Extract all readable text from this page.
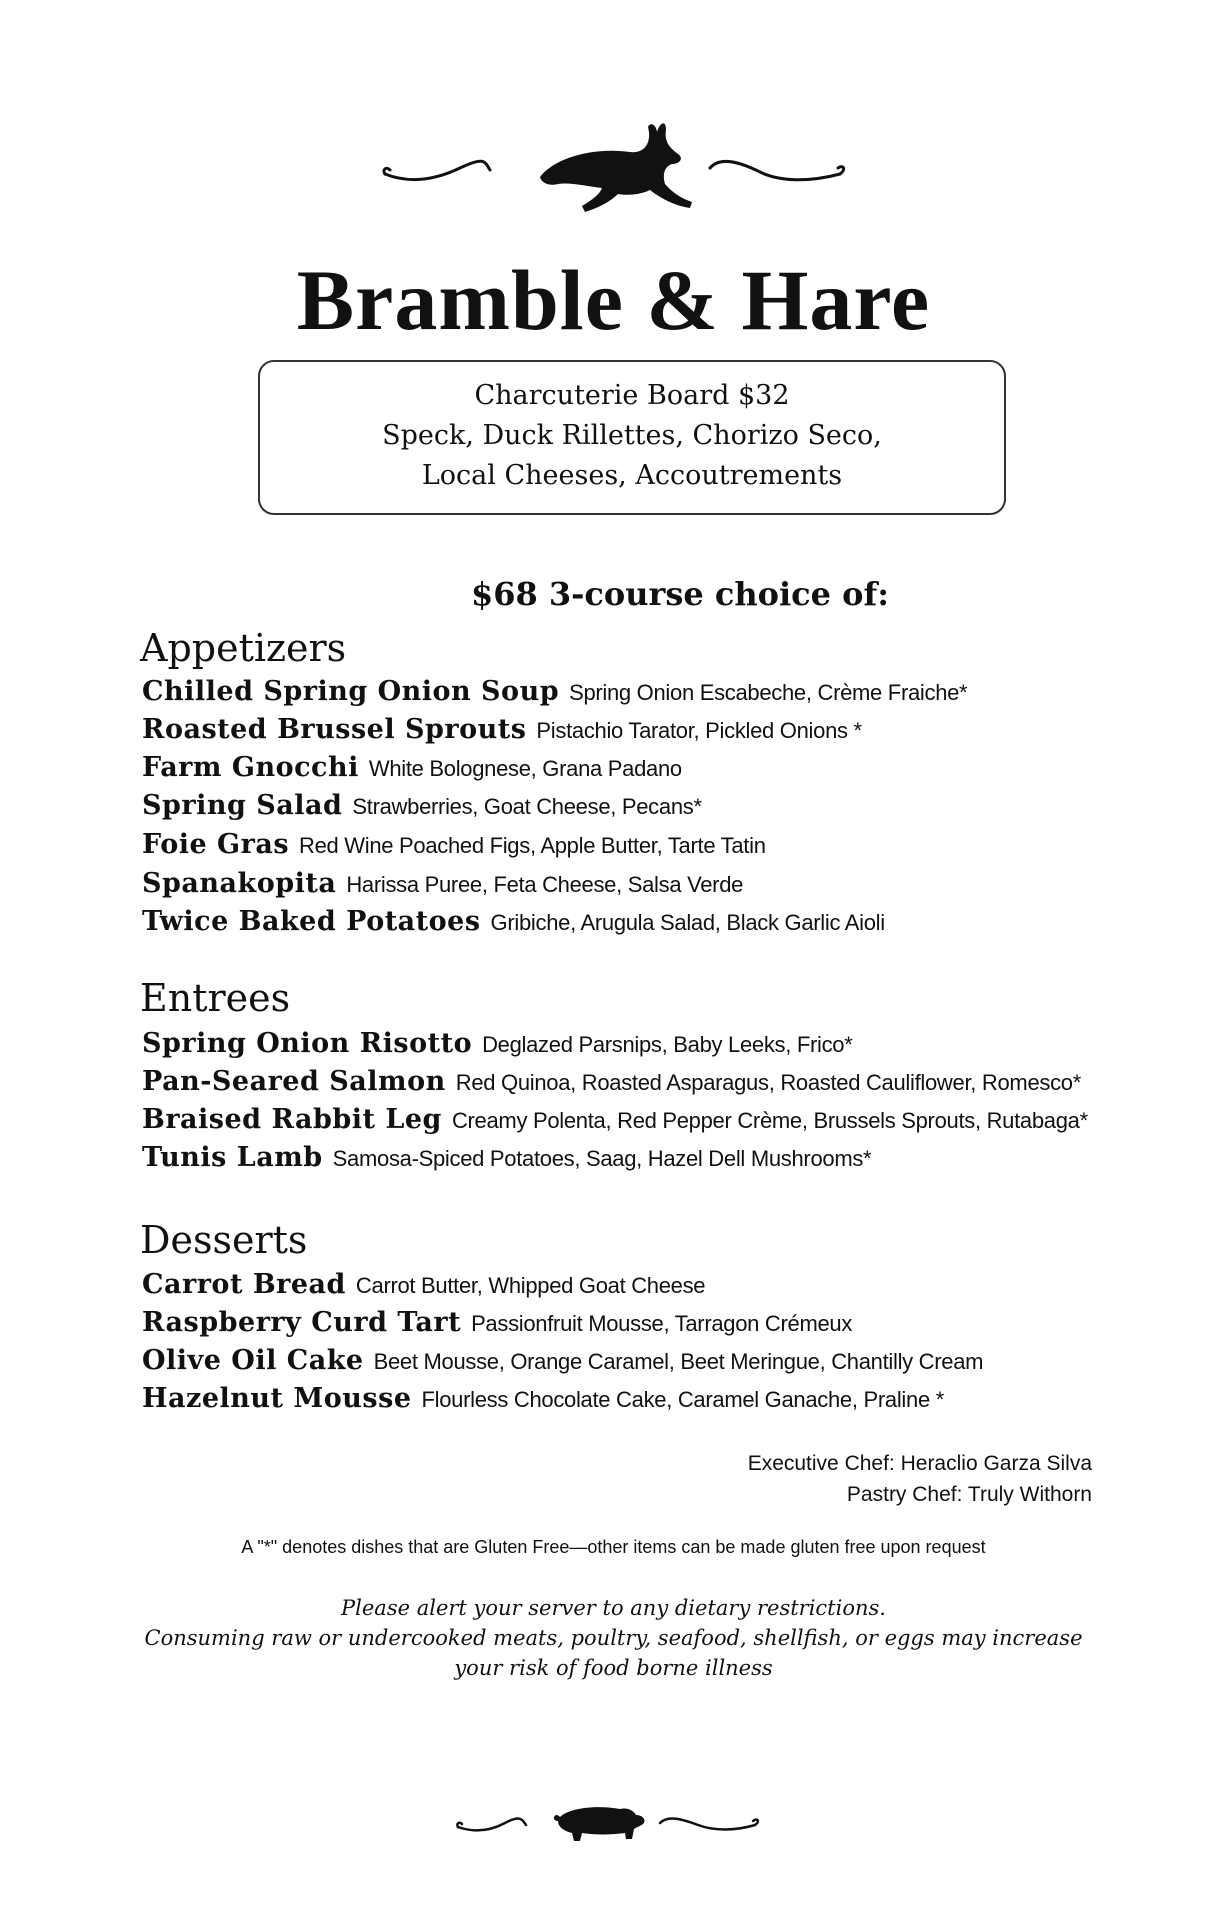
Bramble & Hare
Charcuterie Board $32
Speck, Duck Rillettes, Chorizo Seco,
Local Cheeses, Accoutrements
$68 3-course choice of:
Appetizers
Chilled Spring Onion Soup Spring Onion Escabeche, Crème Fraiche*
Roasted Brussel Sprouts Pistachio Tarator, Pickled Onions *
Farm Gnocchi White Bolognese, Grana Padano
Spring Salad Strawberries, Goat Cheese, Pecans*
Foie Gras Red Wine Poached Figs, Apple Butter, Tarte Tatin
Spanakopita Harissa Puree, Feta Cheese, Salsa Verde
Twice Baked Potatoes Gribiche, Arugula Salad, Black Garlic Aioli
Entrees
Spring Onion Risotto Deglazed Parsnips, Baby Leeks, Frico*
Pan-Seared Salmon Red Quinoa, Roasted Asparagus, Roasted Cauliflower, Romesco*
Braised Rabbit Leg Creamy Polenta, Red Pepper Crème, Brussels Sprouts, Rutabaga*
Tunis Lamb Samosa-Spiced Potatoes, Saag, Hazel Dell Mushrooms*
Desserts
Carrot Bread Carrot Butter, Whipped Goat Cheese
Raspberry Curd Tart Passionfruit Mousse, Tarragon Crémeux
Olive Oil Cake Beet Mousse, Orange Caramel, Beet Meringue, Chantilly Cream
Hazelnut Mousse Flourless Chocolate Cake, Caramel Ganache, Praline *
Executive Chef: Heraclio Garza Silva
Pastry Chef: Truly Withorn
A "*" denotes dishes that are Gluten Free—other items can be made gluten free upon request
Please alert your server to any dietary restrictions.
Consuming raw or undercooked meats, poultry, seafood, shellfish, or eggs may increase
your risk of food borne illness
